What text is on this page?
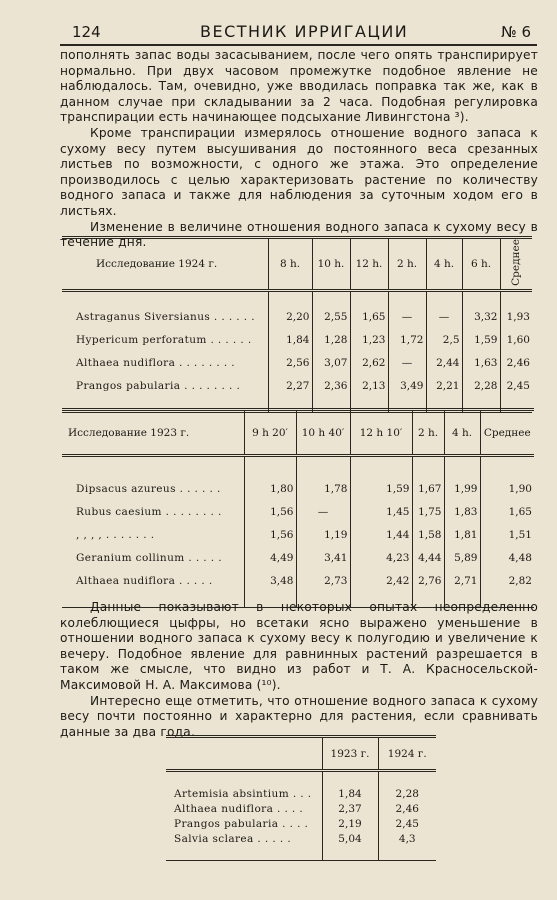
124	ВЕСТНИК ИРРИГАЦИИ	№ 6

пополнять запас воды засасыванием, после чего опять транспирирует нормально. При двух часовом промежутке подобное явление не наблюдалось. Там, очевидно, уже вводилась поправка так же, как в данном случае при складывании за 2 часа. Подобная регулировка транспирации есть начинающее подсыхание Ливингстона ³).

Кроме транспирации измерялось отношение водного запаса к сухому весу путем высушивания до постоянного веса срезанных листьев по возможности, с одного же этажа. Это определение производилось с целью характеризовать растение по количеству водного запаса и также для наблюдения за суточным ходом его в листьях.

Изменение в величине отношения водного запаса к сухому весу в течение дня.

Исследование 1924 г.	8 h.	10 h.	12 h.	2 h.	4 h.	6 h.	Среднее

Astraganus Siversianus . . . . . .	2,20	2,55	1,65	—	—	3,32	1,93
Hypericum perforatum . . . . . .	1,84	1,28	1,23	1,72	2,5	1,59	1,60
Althaea nudiflora . . . . . . . .	2,56	3,07	2,62	—	2,44	1,63	2,46
Prangos pabularia . . . . . . . .	2,27	2,36	2,13	3,49	2,21	2,28	2,45

Исследование 1923 г.	9 h 20′	10 h 40′	12 h 10′	2 h.	4 h.	Среднее

Dipsacus azureus . . . . . .	1,80	1,78	1,59	1,67	1,99	1,90
Rubus caesium . . . . . . . .	1,56	—	1,45	1,75	1,83	1,65
, , , , . . . . . . .	1,56	1,19	1,44	1,58	1,81	1,51
Geranium collinum . . . . .	4,49	3,41	4,23	4,44	5,89	4,48
Althaea nudiflora . . . . .	3,48	2,73	2,42	2,76	2,71	2,82

Данные показывают в некоторых опытах неопределенно колеблющиеся цыфры, но всетаки ясно выражено уменьшение в отношении водного запаса к сухому весу к полугодию и увеличение к вечеру. Подобное явление для равнинных растений разрешается в таком же смысле, что видно из работ и Т. А. Красносельской-Максимовой Н. А. Максимова (¹⁰).

Интересно еще отметить, что отношение водного запаса к сухому весу почти постоянно и характерно для растения, если сравнивать данные за два года.

	1923 г.	1924 г.

Artemisia absintium . . .	1,84	2,28
Althaea nudiflora . . . .	2,37	2,46
Prangos pabularia . . . .	2,19	2,45
Salvia sclarea . . . . .	5,04	4,3
